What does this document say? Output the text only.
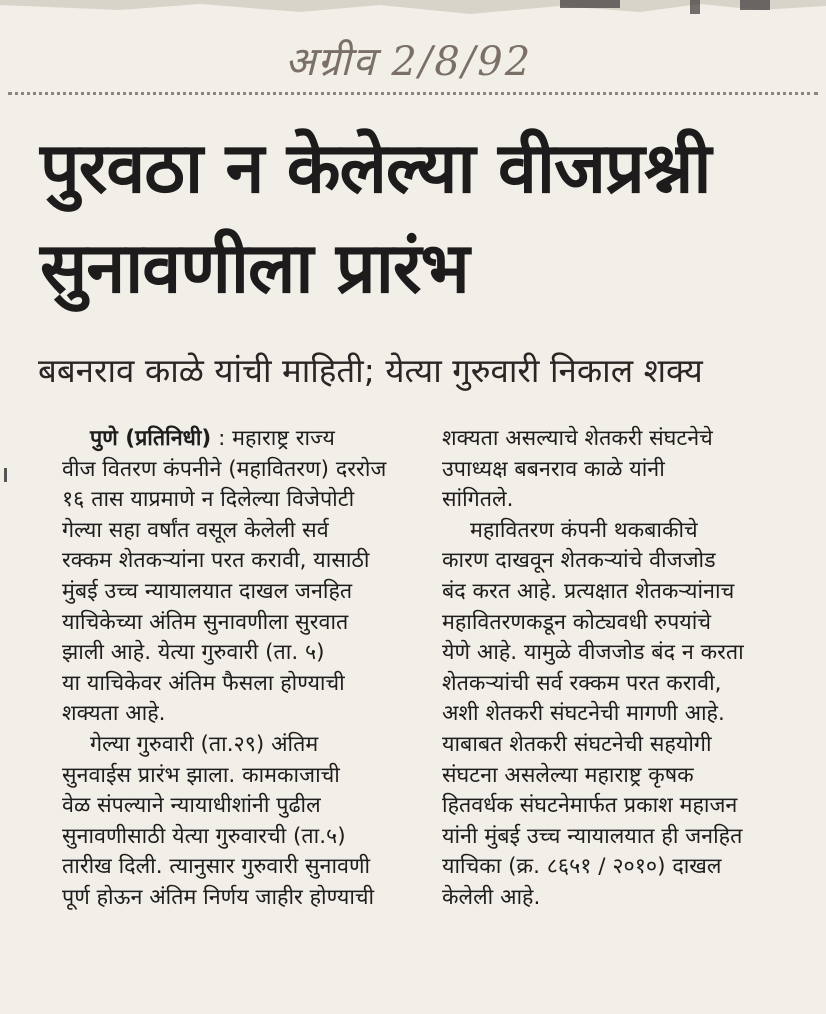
अग्रीव 2/8/92
पुरवठा न केलेल्या वीजप्रश्नी
सुनावणीला प्रारंभ
बबनराव काळे यांची माहिती; येत्या गुरुवारी निकाल शक्य

पुणे (प्रतिनिधी) : महाराष्ट्र राज्य
वीज वितरण कंपनीने (महावितरण) दररोज
१६ तास याप्रमाणे न दिलेल्या विजेपोटी
गेल्या सहा वर्षांत वसूल केलेली सर्व
रक्कम शेतकऱ्यांना परत करावी, यासाठी
मुंबई उच्च न्यायालयात दाखल जनहित
याचिकेच्या अंतिम सुनावणीला सुरवात
झाली आहे. येत्या गुरुवारी (ता. ५)
या याचिकेवर अंतिम फैसला होण्याची
शक्यता आहे.

गेल्या गुरुवारी (ता.२९) अंतिम
सुनवाईस प्रारंभ झाला. कामकाजाची
वेळ संपल्याने न्यायाधीशांनी पुढील
सुनावणीसाठी येत्या गुरुवारची (ता.५)
तारीख दिली. त्यानुसार गुरुवारी सुनावणी
पूर्ण होऊन अंतिम निर्णय जाहीर होण्याची

शक्यता असल्याचे शेतकरी संघटनेचे
उपाध्यक्ष बबनराव काळे यांनी
सांगितले.

महावितरण कंपनी थकबाकीचे
कारण दाखवून शेतकऱ्यांचे वीजजोड
बंद करत आहे. प्रत्यक्षात शेतकऱ्यांनाच
महावितरणकडून कोट्यवधी रुपयांचे
येणे आहे. यामुळे वीजजोड बंद न करता
शेतकऱ्यांची सर्व रक्कम परत करावी,
अशी शेतकरी संघटनेची मागणी आहे.
याबाबत शेतकरी संघटनेची सहयोगी
संघटना असलेल्या महाराष्ट्र कृषक
हितवर्धक संघटनेमार्फत प्रकाश महाजन
यांनी मुंबई उच्च न्यायालयात ही जनहित
याचिका (क्र. ८६५१ / २०१०) दाखल
केलेली आहे.
